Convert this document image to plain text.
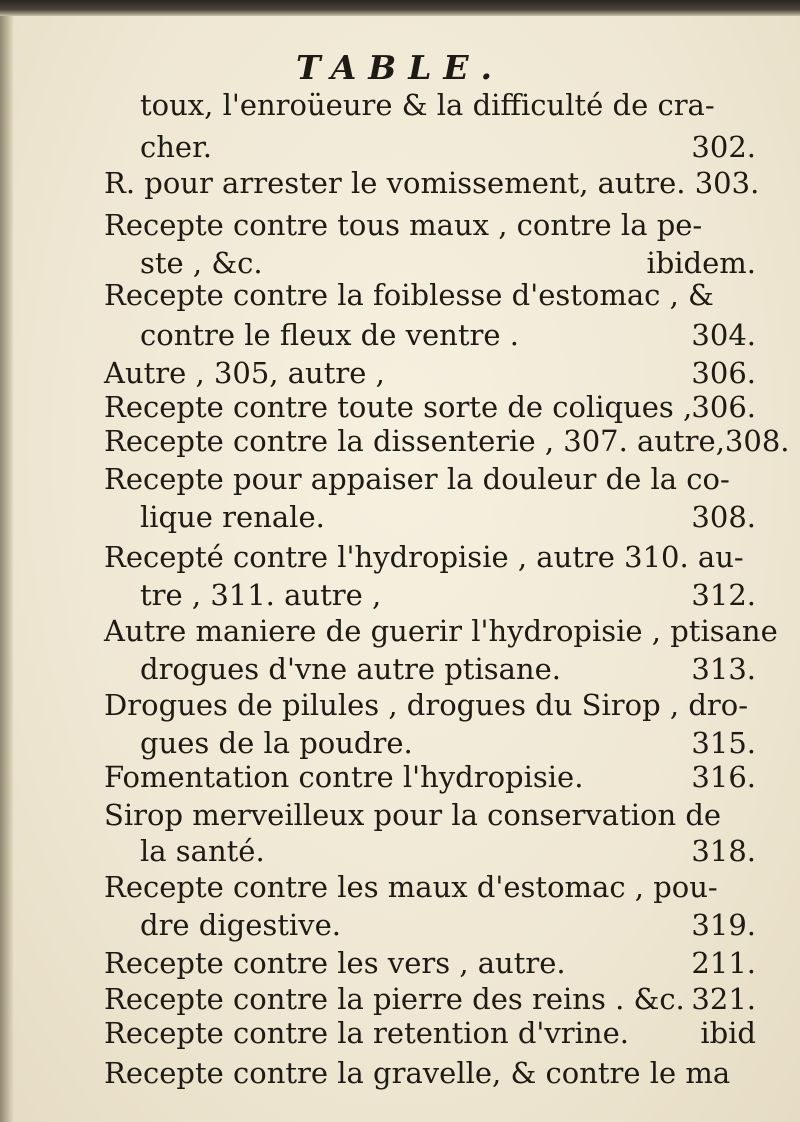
TABLE.
toux, l'enroüeure & la difficulté de cra-
cher.	302.
R. pour arrester le vomissement, autre. 303.
Recepte contre tous maux , contre la pe-
ste , &c.	ibidem.
Recepte contre la foiblesse d'estomac , &
contre le fleux de ventre .	304.
Autre , 305, autre ,	306.
Recepte contre toute sorte de coliques , 306.
Recepte contre la dissenterie , 307. autre,308.
Recepte pour appaiser la douleur de la co-
lique renale.	308.
Recepté contre l'hydropisie , autre 310. au-
tre , 311. autre ,	312.
Autre maniere de guerir l'hydropisie , ptisane
drogues d'vne autre ptisane.	313.
Drogues de pilules , drogues du Sirop , dro-
gues de la poudre.	315.
Fomentation contre l'hydropisie.	316.
Sirop merveilleux pour la conservation de
la santé.	318.
Recepte contre les maux d'estomac , pou-
dre digestive.	319.
Recepte contre les vers , autre.	211.
Recepte contre la pierre des reins . &c. 321.
Recepte contre la retention d'vrine. ibid
Recepte contre la gravelle, & contre le ma
